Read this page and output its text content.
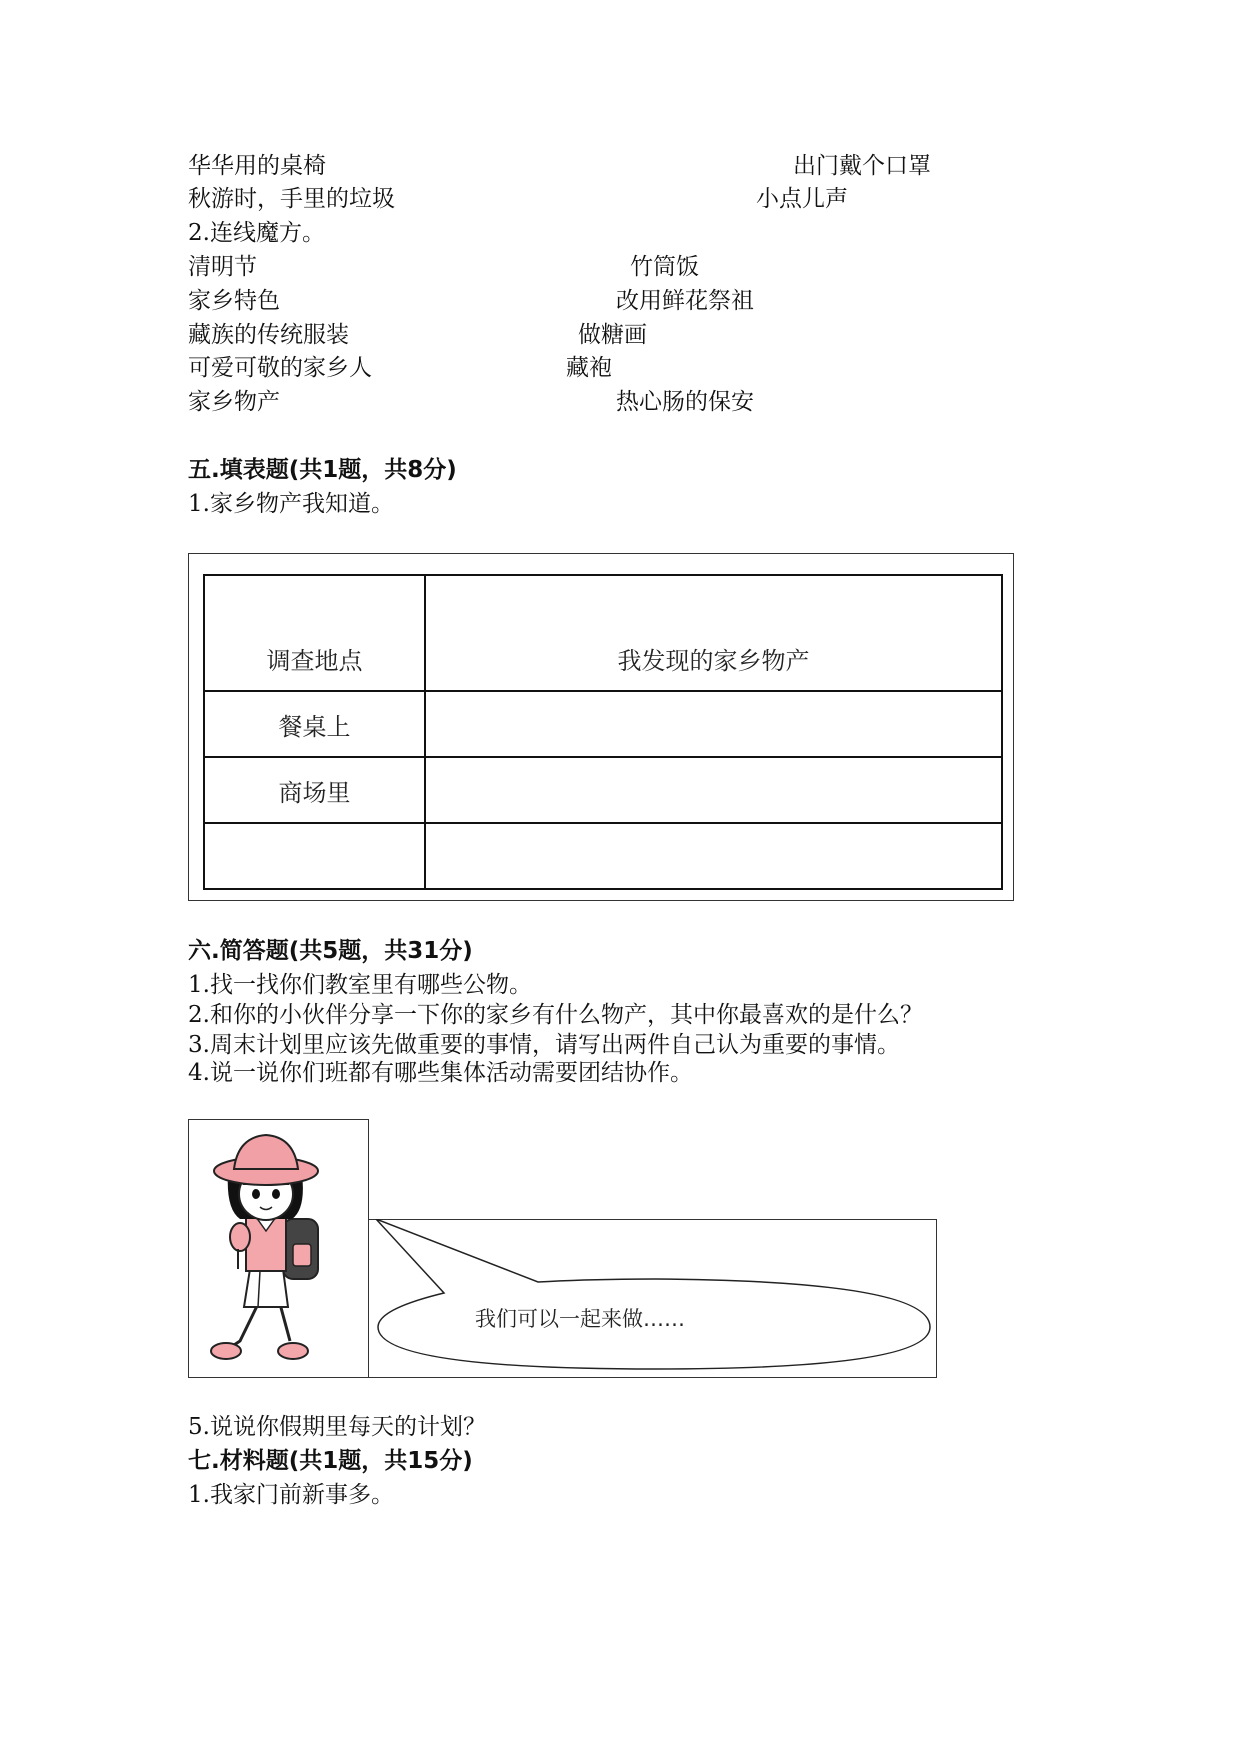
华华用的桌椅	出门戴个口罩
秋游时，手里的垃圾	小点儿声
2.连线魔方。
清明节	竹筒饭
家乡特色	改用鲜花祭祖
藏族的传统服装	做糖画
可爱可敬的家乡人	藏袍
家乡物产	热心肠的保安
五.填表题(共1题，共8分)
1.家乡物产我知道。
调查地点	我发现的家乡物产
餐桌上	
商场里	

六.简答题(共5题，共31分)
1.找一找你们教室里有哪些公物。
2.和你的小伙伴分享一下你的家乡有什么物产，其中你最喜欢的是什么？
3.周末计划里应该先做重要的事情，请写出两件自己认为重要的事情。
4.说一说你们班都有哪些集体活动需要团结协作。
我们可以一起来做……
5.说说你假期里每天的计划？
七.材料题(共1题，共15分)
1.我家门前新事多。
